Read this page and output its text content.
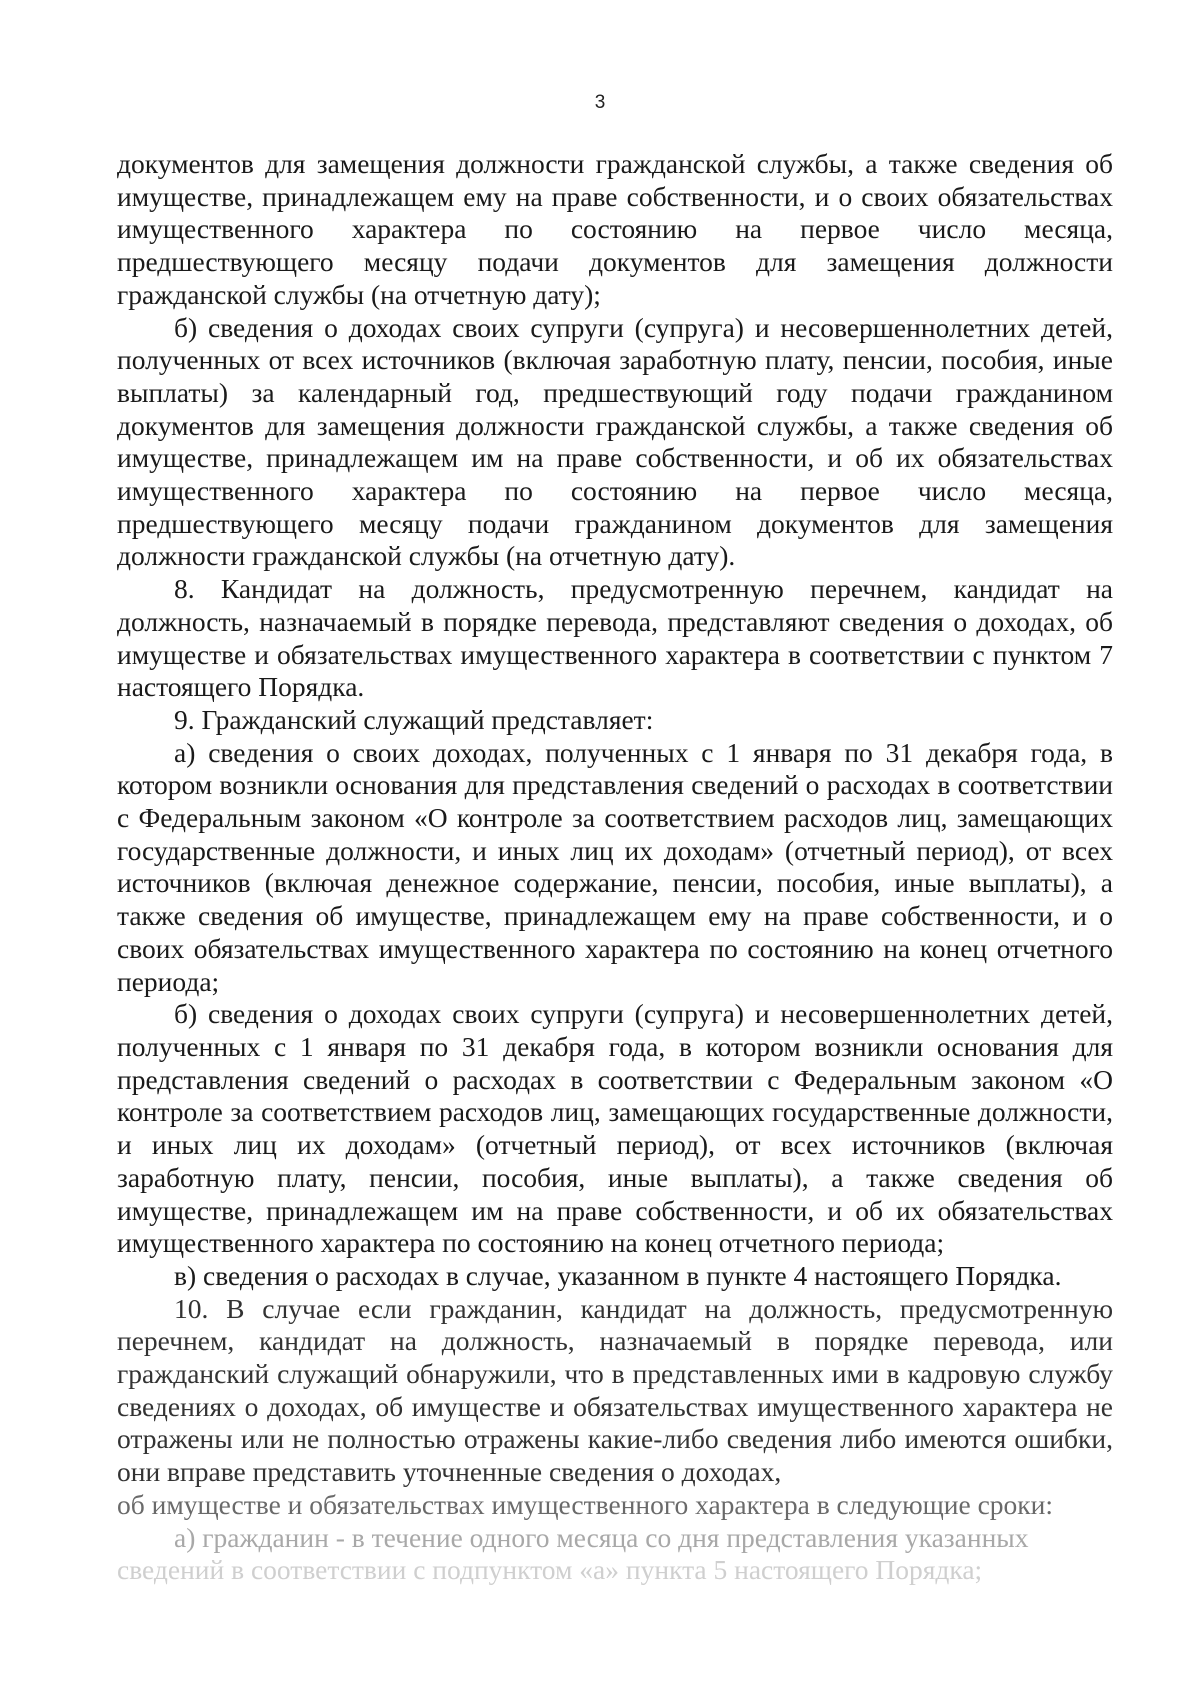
3

документов для замещения должности гражданской службы, а также сведения об имуществе, принадлежащем ему на праве собственности, и о своих обязательствах имущественного характера по состоянию на первое число месяца, предшествующего месяцу подачи документов для замещения должности гражданской службы (на отчетную дату);

б) сведения о доходах своих супруги (супруга) и несовершеннолетних детей, полученных от всех источников (включая заработную плату, пенсии, пособия, иные выплаты) за календарный год, предшествующий году подачи гражданином документов для замещения должности гражданской службы, а также сведения об имуществе, принадлежащем им на праве собственности, и об их обязательствах имущественного характера по состоянию на первое число месяца, предшествующего месяцу подачи гражданином документов для замещения должности гражданской службы (на отчетную дату).

8. Кандидат на должность, предусмотренную перечнем, кандидат на должность, назначаемый в порядке перевода, представляют сведения о доходах, об имуществе и обязательствах имущественного характера в соответствии с пунктом 7 настоящего Порядка.

9. Гражданский служащий представляет:

а) сведения о своих доходах, полученных с 1 января по 31 декабря года, в котором возникли основания для представления сведений о расходах в соответствии с Федеральным законом «О контроле за соответствием расходов лиц, замещающих государственные должности, и иных лиц их доходам» (отчетный период), от всех источников (включая денежное содержание, пенсии, пособия, иные выплаты), а также сведения об имуществе, принадлежащем ему на праве собственности, и о своих обязательствах имущественного характера по состоянию на конец отчетного периода;

б) сведения о доходах своих супруги (супруга) и несовершеннолетних детей, полученных с 1 января по 31 декабря года, в котором возникли основания для представления сведений о расходах в соответствии с Федеральным законом «О контроле за соответствием расходов лиц, замещающих государственные должности, и иных лиц их доходам» (отчетный период), от всех источников (включая заработную плату, пенсии, пособия, иные выплаты), а также сведения об имуществе, принадлежащем им на праве собственности, и об их обязательствах имущественного характера по состоянию на конец отчетного периода;

в) сведения о расходах в случае, указанном в пункте 4 настоящего Порядка.

10. В случае если гражданин, кандидат на должность, предусмотренную перечнем, кандидат на должность, назначаемый в порядке перевода, или гражданский служащий обнаружили, что в представленных ими в кадровую службу сведениях о доходах, об имуществе и обязательствах имущественного характера не отражены или не полностью отражены какие-либо сведения либо имеются ошибки, они вправе представить уточненные сведения о доходах,

об имуществе и обязательствах имущественного характера в следующие сроки:

а) гражданин - в течение одного месяца со дня представления указанных

сведений в соответствии с подпунктом «а» пункта 5 настоящего Порядка;
